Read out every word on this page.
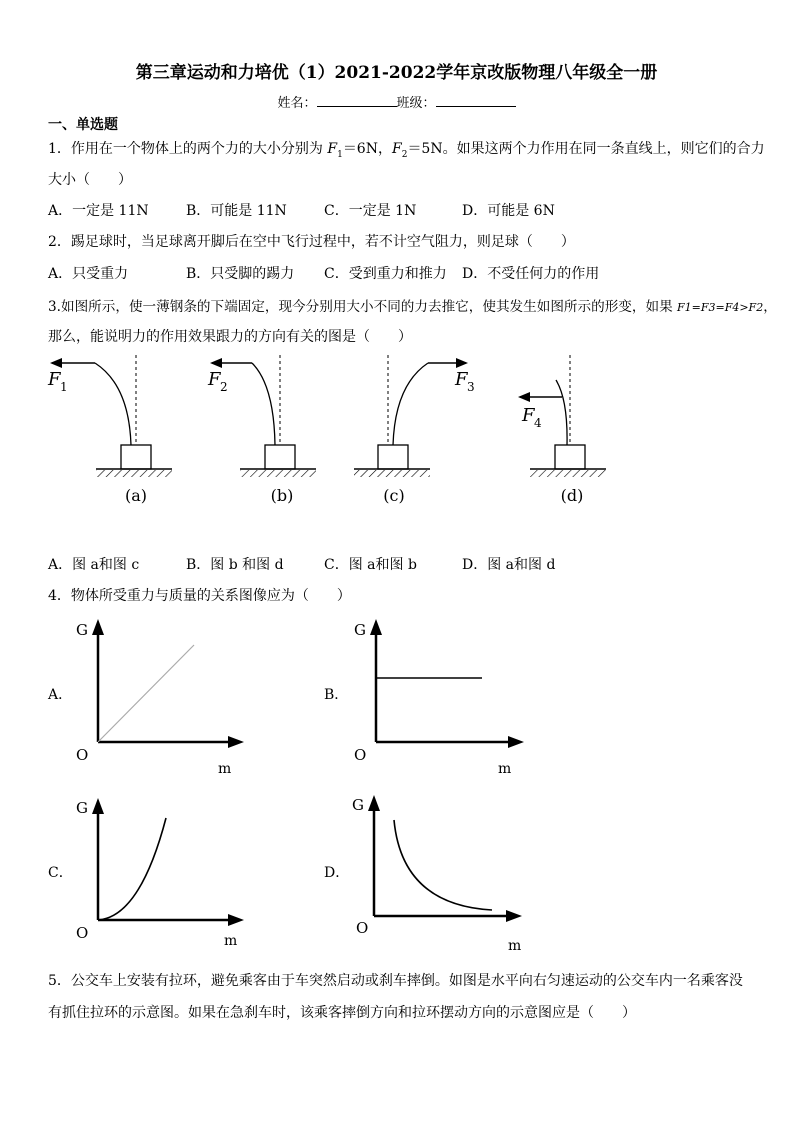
第三章运动和力培优（1）2021-2022学年京改版物理八年级全一册
姓名：	班级：
一、单选题
1．作用在一个物体上的两个力的大小分别为 $F_1=6N$，$F_2=5N$。如果这两个力作用在同一条直线上，则它们的合力
大小（　　）
A．一定是 11N	B．可能是 11N	C．一定是 1N	D．可能是 6N
2．踢足球时，当足球离开脚后在空中飞行过程中，若不计空气阻力，则足球（　　）
A．只受重力	B．只受脚的踢力 C．受到重力和推力 D．不受任何力的作用
3.如图所示，使一薄钢条的下端固定，现今分别用大小不同的力去推它，使其发生如图所示的形变，如果 F1=F3=F4>F2，
那么，能说明力的作用效果跟力的方向有关的图是（　　）
F 1
(a)
F 2
(b)
F 3
(c)
F 4
(d)
A．图 a和图 c	B．图 b 和图 d	C．图 a和图 b	D．图 a和图 d
4．物体所受重力与质量的关系图像应为（　　）
A．	B．
C．	D．
G
O
m
G
O
m
G
O	m
G
O
m
5．公交车上安装有拉环，避免乘客由于车突然启动或刹车摔倒。如图是水平向右匀速运动的公交车内一名乘客没
有抓住拉环的示意图。如果在急刹车时，该乘客摔倒方向和拉环摆动方向的示意图应是（　　）
